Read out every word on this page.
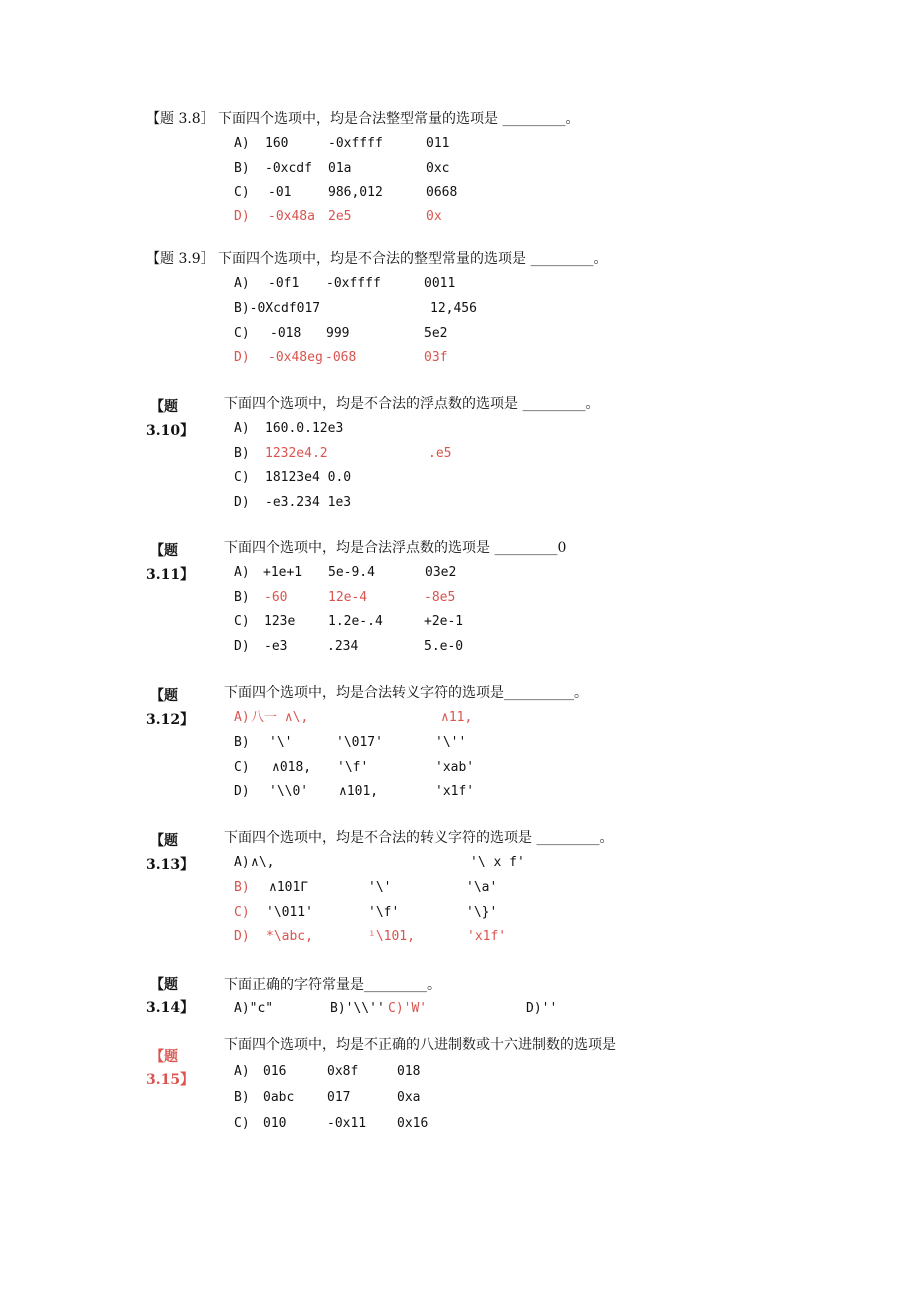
【题 3.8］ 下面四个选项中，均是合法整型常量的选项是 _________。
A) 160	-0xffff	011
B) -0xcdf 01a	0xc
C) -01	986,012	0668
D) -0x48a 2e5	0x
【题 3.9］ 下面四个选项中，均是不合法的整型常量的选项是 _________。
A) -0f1 -0xffff	0011
B)-0Xcdf017	12,456
C) -018 999	5e2
D) -0x48eg -068	03f
【题
3.10】
下面四个选项中，均是不合法的浮点数的选项是 _________。
A) 160.0.12e3
B) 1232e4.2	.e5
C) 18123e4 0.0
D) -e3.234 1e3
【题
3.11】
下面四个选项中，均是合法浮点数的选项是 _________0
A) +1e+1 5e-9.4	03e2
B) -60	12e-4	-8e5
C) 123e	1.2e-.4	+2e-1
D) -e3	.234	5.e-0
【题
3.12】
下面四个选项中，均是合法转义字符的选项是__________。
A) 八一 ∧\,	∧11,
B) '\'	'\017'	'\''
C) ∧018, '\f'	'xab'
D) '\\0' ∧101,	'x1f'
【题
3.13】
下面四个选项中，均是不合法的转义字符的选项是 _________。
A) ∧\,	'\ x f'
B) ∧101Γ	'\'	'\a'
C) '\011'	'\f'	'\}'
D) *\abc,	ⁱ\101,	'x1f'
【题
3.14】
下面正确的字符常量是_________。
A)"c"	B)'\\'' C)'W'	D)''
【题
3.15】
下面四个选项中，均是不正确的八进制数或十六进制数的选项是
A) 016	0x8f	018
B) 0abc	017	0xa
C) 010	-0x11 0x16
